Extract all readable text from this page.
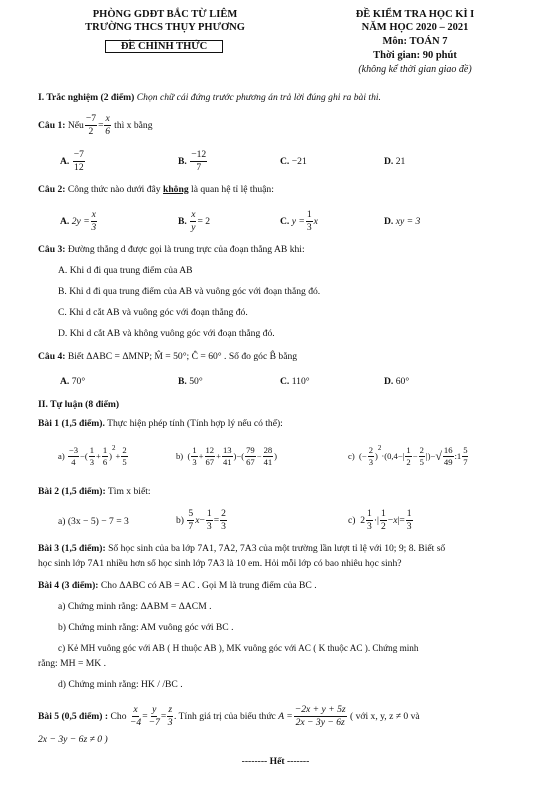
PHÒNG GDĐT BẮC TỪ LIÊM
TRƯỜNG THCS THỤY PHƯƠNG
ĐỀ CHÍNH THỨC
ĐỀ KIỂM TRA HỌC KÌ I
NĂM HỌC 2020 – 2021
Môn: TOÁN 7
Thời gian: 90 phút
(không kể thời gian giao đề)
I. Trắc nghiệm (2 điểm) Chọn chữ cái đứng trước phương án trả lời đúng ghi ra bài thi.
Câu 1:
Nếu $\frac{-7}{2} = \frac{x}{6}$
thì x bằng
A.
$\frac{-7}{12}$	B.
$\frac{-12}{7}$	C.
−21	D.
21
Câu 2: Công thức nào dưới đây không là quan hệ tỉ lệ thuận:
A.
$2y = \frac{x}{3}$	B.
$\frac{x}{y} = 2$	C.
$y = \frac{1}{3}$ x	D.
xy = 3
Câu 3: Đường thẳng d được gọi là trung trực của đoạn thẳng AB khi:
A. Khi d đi qua trung điểm của AB
B. Khi d đi qua trung điểm của AB và vuông góc với đoạn thẳng đó.
C. Khi d cắt AB và vuông góc với đoạn thẳng đó.
D. Khi d cắt AB và không vuông góc với đoạn thẳng đó.
Câu 4: Biết ΔABC = ΔMNP; M̂ = 50°; Ĉ = 60° . Số đo góc B̂ bằng
A.
70°	B.
50°	C.
110°	D.
60°
II. Tự luận (8 điểm)
Bài 1 (1,5 điểm). Thực hiện phép tính (Tính hợp lý nếu có thể):
a)
$\frac{-3}{4}$ −( $\frac{1}{3} + \frac{1}{6}$ )
2
+ $\frac{2}{5}$	b) ( $\frac{1}{3} + \frac{12}{67} + \frac{13}{41}$ )−( $\frac{79}{67} - \frac{28}{41}$ )	c) (− $\frac{2}{3}$ )
2
$\cdot(0,4-| \frac{1}{2} - \frac{2}{5}$ |)− √ $\frac{16}{49}$ :1 $\frac{5}{7}$
Bài 2 (1,5 điểm): Tìm x biết:
a) (3x − 5) − 7 = 3	b)
$\frac{5}{7}$ $x - \frac{1}{3} = \frac{2}{3}$	c) $2 \frac{1}{3}$ ·| $\frac{1}{2} - x$ |= $\frac{1}{3}$
Bài 3 (1,5 điểm): Số học sinh của ba lớp 7A1, 7A2, 7A3 của một trường lần lượt tỉ lệ với 10; 9; 8. Biết số
học sinh lớp 7A1 nhiều hơn số học sinh lớp 7A3 là 10 em. Hỏi mỗi lớp có bao nhiêu học sinh?
Bài 4 (3 điểm): Cho ΔABC có AB = AC . Gọi M là trung điểm của BC .
a) Chứng minh rằng: ΔABM = ΔACM .
b) Chứng minh rằng: AM vuông góc với BC .
c) Kẻ MH vuông góc với AB ( H thuộc AB ), MK vuông góc với AC ( K thuộc AC ). Chứng minh
rằng: MH = MK .
d) Chứng minh rằng: HK / /BC .
Bài 5 (0,5 điểm) :
Cho
$\frac{x}{-4} = \frac{y}{-7} = \frac{z}{3}$ . Tính giá trị của biểu thức
$A = \frac{-2x + y + 5z}{2x - 3y - 6z}$
( với x, y, z ≠ 0 và
2x − 3y − 6z ≠ 0 )
-------- Hết -------
